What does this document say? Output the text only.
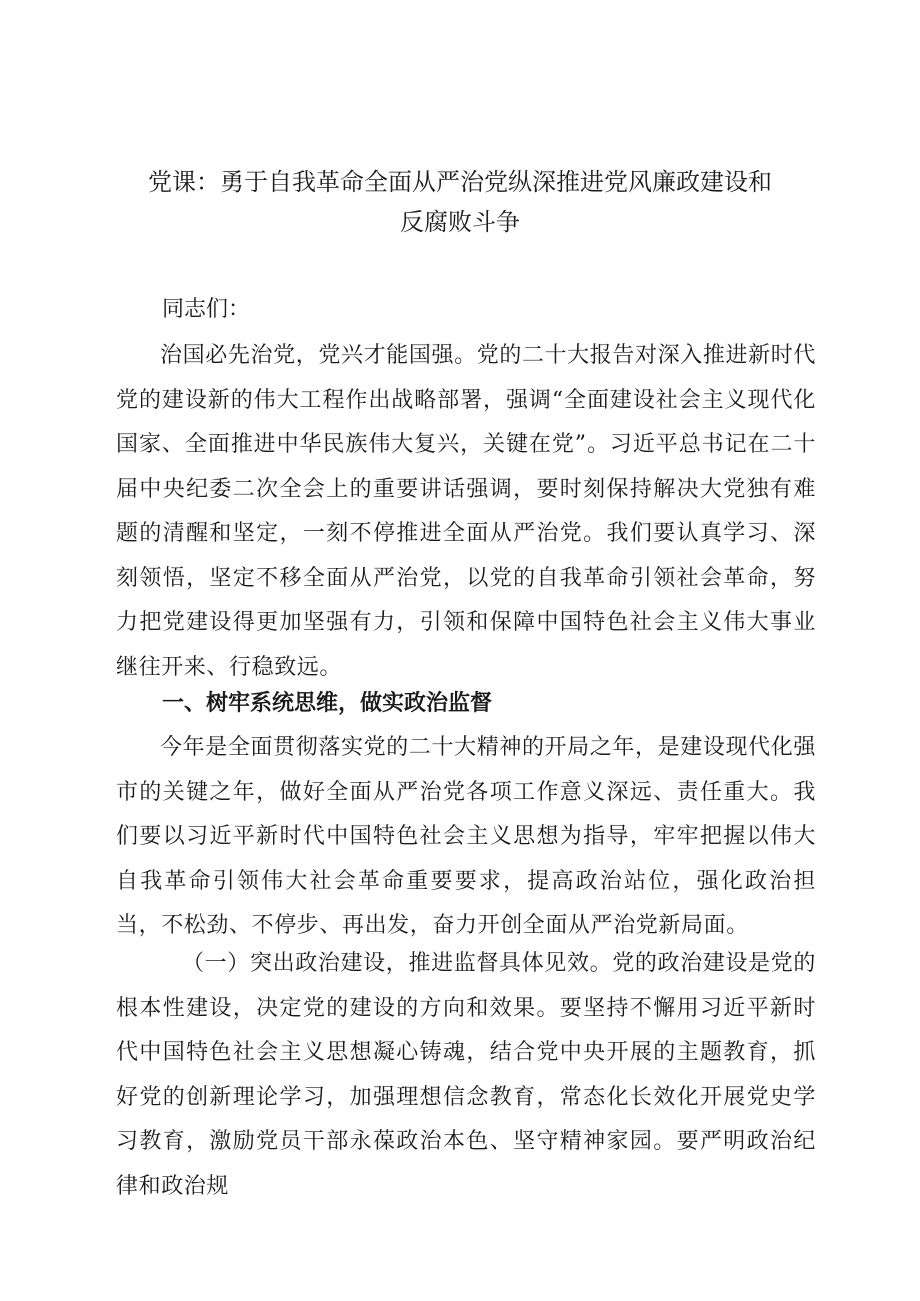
党课：勇于自我革命全面从严治党纵深推进党风廉政建设和
反腐败斗争

同志们：

治国必先治党，党兴才能国强。党的二十大报告对深入推进新时代党的建设新的伟大工程作出战略部署，强调“全面建设社会主义现代化国家、全面推进中华民族伟大复兴，关键在党”。习近平总书记在二十届中央纪委二次全会上的重要讲话强调，要时刻保持解决大党独有难题的清醒和坚定，一刻不停推进全面从严治党。我们要认真学习、深刻领悟，坚定不移全面从严治党，以党的自我革命引领社会革命，努力把党建设得更加坚强有力，引领和保障中国特色社会主义伟大事业继往开来、行稳致远。

一、树牢系统思维，做实政治监督

今年是全面贯彻落实党的二十大精神的开局之年，是建设现代化强市的关键之年，做好全面从严治党各项工作意义深远、责任重大。我们要以习近平新时代中国特色社会主义思想为指导，牢牢把握以伟大自我革命引领伟大社会革命重要要求，提高政治站位，强化政治担当，不松劲、不停步、再出发，奋力开创全面从严治党新局面。

（一）突出政治建设，推进监督具体见效。党的政治建设是党的根本性建设，决定党的建设的方向和效果。要坚持不懈用习近平新时代中国特色社会主义思想凝心铸魂，结合党中央开展的主题教育，抓好党的创新理论学习，加强理想信念教育，常态化长效化开展党史学习教育，激励党员干部永葆政治本色、坚守精神家园。要严明政治纪律和政治规
